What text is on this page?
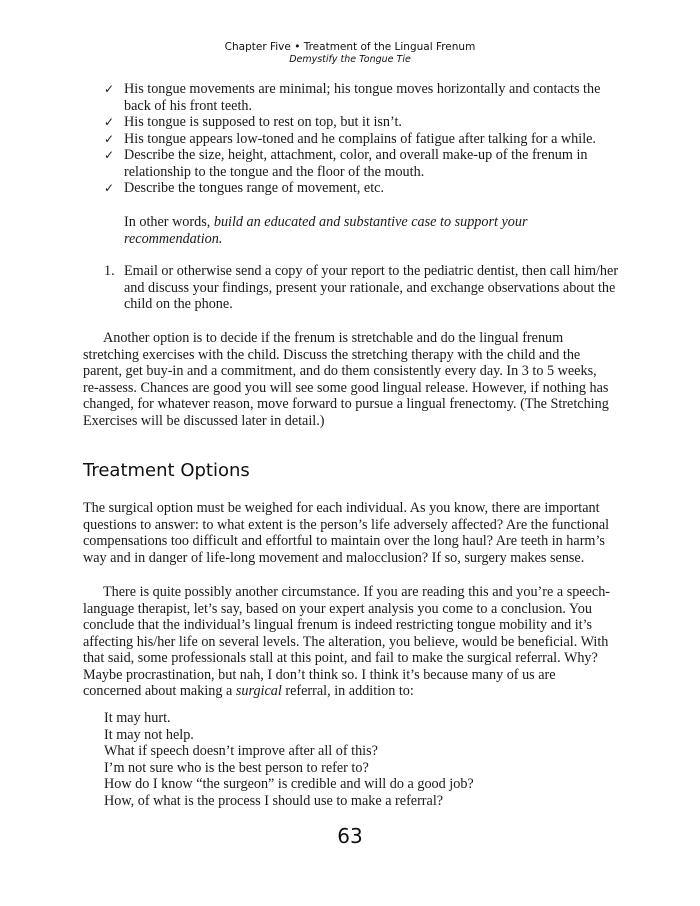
Chapter Five • Treatment of the Lingual Frenum
Demystify the Tongue Tie
✓ His tongue movements are minimal; his tongue moves horizontally and contacts the back of his front teeth.
✓ His tongue is supposed to rest on top, but it isn’t.
✓ His tongue appears low-toned and he complains of fatigue after talking for a while.
✓ Describe the size, height, attachment, color, and overall make-up of the frenum in relationship to the tongue and the floor of the mouth.
✓ Describe the tongues range of movement, etc.
In other words, build an educated and substantive case to support your recommendation.
1. Email or otherwise send a copy of your report to the pediatric dentist, then call him/her and discuss your findings, present your rationale, and exchange observations about the child on the phone.

Another option is to decide if the frenum is stretchable and do the lingual frenum stretching exercises with the child. Discuss the stretching therapy with the child and the parent, get buy-in and a commitment, and do them consistently every day. In 3 to 5 weeks, re-assess. Chances are good you will see some good lingual release. However, if nothing has changed, for whatever reason, move forward to pursue a lingual frenectomy. (The Stretching Exercises will be discussed later in detail.)

Treatment Options

The surgical option must be weighed for each individual. As you know, there are important questions to answer: to what extent is the person’s life adversely affected? Are the functional compensations too difficult and effortful to maintain over the long haul? Are teeth in harm’s way and in danger of life-long movement and malocclusion? If so, surgery makes sense.

There is quite possibly another circumstance. If you are reading this and you’re a speech-language therapist, let’s say, based on your expert analysis you come to a conclusion. You conclude that the individual’s lingual frenum is indeed restricting tongue mobility and it’s affecting his/her life on several levels. The alteration, you believe, would be beneficial. With that said, some professionals stall at this point, and fail to make the surgical referral. Why? Maybe procrastination, but nah, I don’t think so. I think it’s because many of us are concerned about making a surgical referral, in addition to:

It may hurt.
It may not help.
What if speech doesn’t improve after all of this?
I’m not sure who is the best person to refer to?
How do I know “the surgeon” is credible and will do a good job?
How, of what is the process I should use to make a referral?
63
